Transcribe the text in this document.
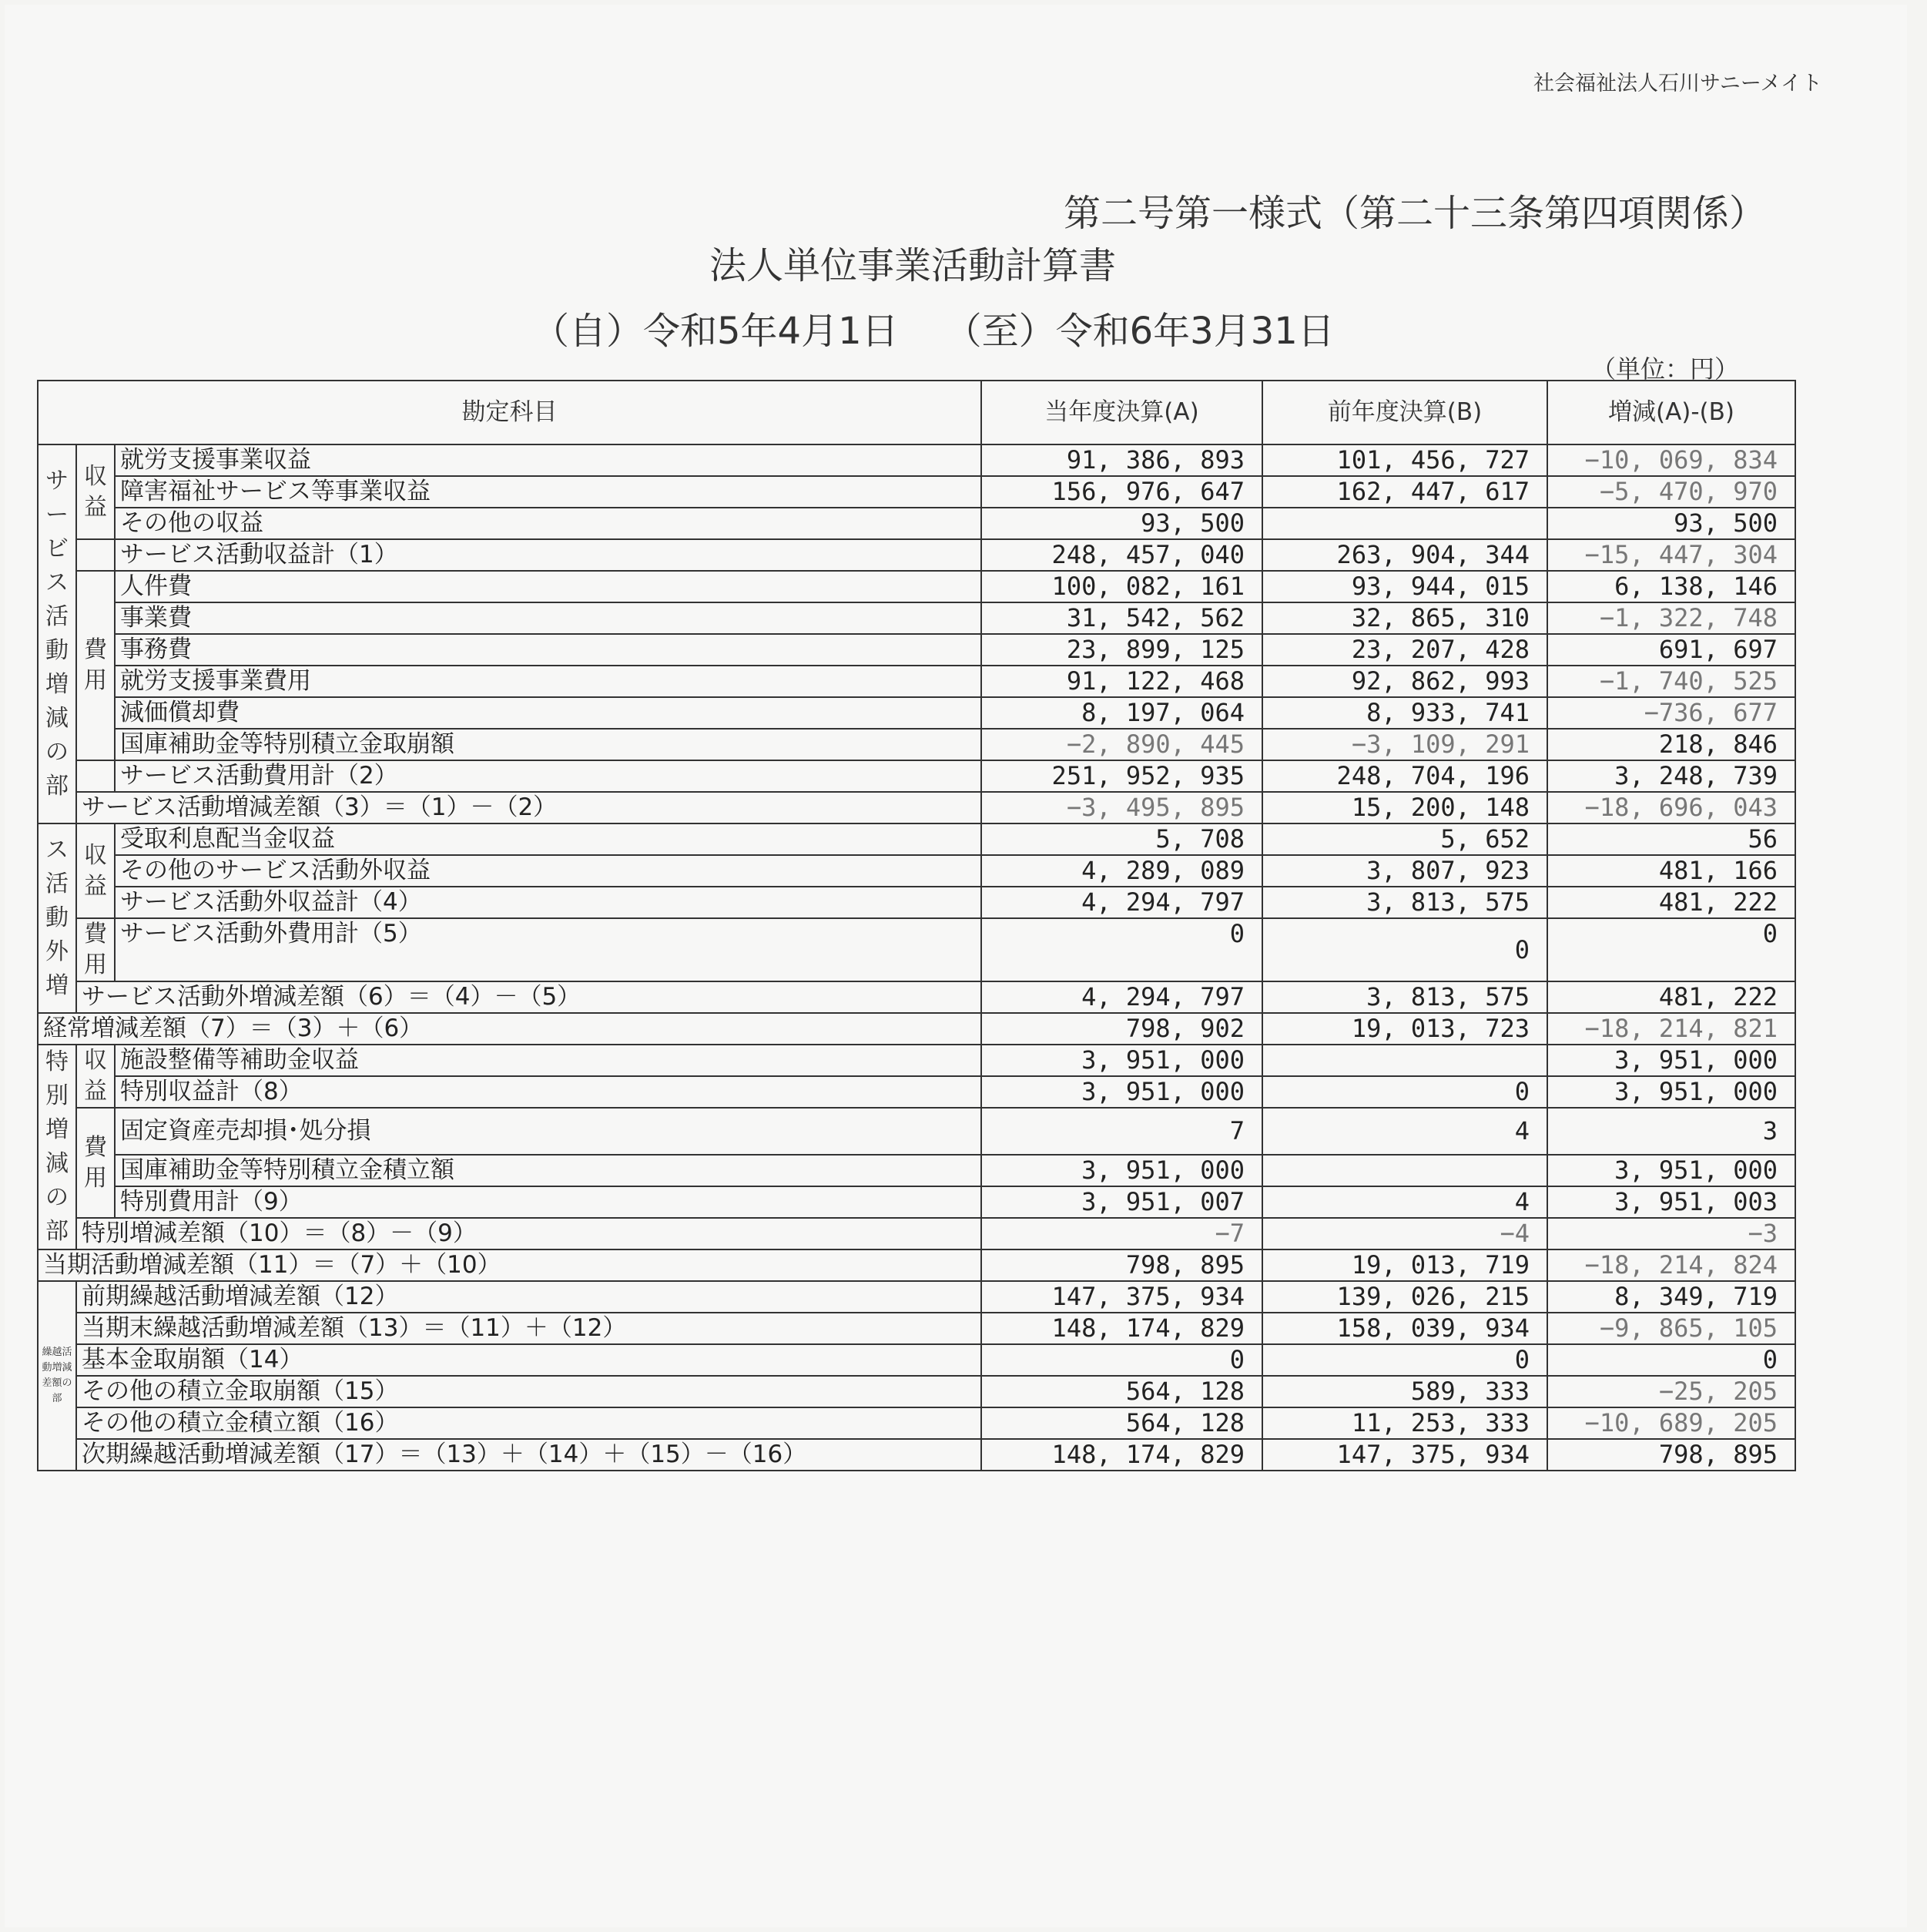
社会福祉法人石川サニーメイト
第二号第一様式（第二十三条第四項関係）
法人単位事業活動計算書
（自）令和5年4月1日 （至）令和6年3月31日
（単位：円）
勘定科目			当年度決算(A)	前年度決算(B)	増減(A)-(B)
サービス活動増減の部	収益	就労支援事業収益	91, 386, 893	101, 456, 727	−10, 069, 834
		障害福祉サービス等事業収益	156, 976, 647	162, 447, 617	−5, 470, 970
		その他の収益	93, 500		93, 500
		サービス活動収益計（1）	248, 457, 040	263, 904, 344	−15, 447, 304
	費用	人件費	100, 082, 161	93, 944, 015	6, 138, 146
		事業費	31, 542, 562	32, 865, 310	−1, 322, 748
		事務費	23, 899, 125	23, 207, 428	691, 697
		就労支援事業費用	91, 122, 468	92, 862, 993	−1, 740, 525
		減価償却費	8, 197, 064	8, 933, 741	−736, 677
		国庫補助金等特別積立金取崩額	−2, 890, 445	−3, 109, 291	218, 846
		サービス活動費用計（2）	251, 952, 935	248, 704, 196	3, 248, 739
	サービス活動増減差額（3）＝（1）－（2）		−3, 495, 895	15, 200, 148	−18, 696, 043
ス活動外増	収益	受取利息配当金収益	5, 708	5, 652	56
		その他のサービス活動外収益	4, 289, 089	3, 807, 923	481, 166
		サービス活動外収益計（4）	4, 294, 797	3, 813, 575	481, 222
	費用	サービス活動外費用計（5）	0	0	0
	サービス活動外増減差額（6）＝（4）－（5）		4, 294, 797	3, 813, 575	481, 222
経常増減差額（7）＝（3）＋（6）			798, 902	19, 013, 723	−18, 214, 821
特別増減の部	収益	施設整備等補助金収益	3, 951, 000		3, 951, 000
		特別収益計（8）	3, 951, 000	0	3, 951, 000
	費用	固定資産売却損･処分損	7	4	3
		国庫補助金等特別積立金積立額	3, 951, 000		3, 951, 000
		特別費用計（9）	3, 951, 007	4	3, 951, 003
	特別増減差額（10）＝（8）－（9）		−7	−4	−3
当期活動増減差額（11）＝（7）＋（10）			798, 895	19, 013, 719	−18, 214, 824
繰越活動増減差額の部	前期繰越活動増減差額（12）		147, 375, 934	139, 026, 215	8, 349, 719
	当期末繰越活動増減差額（13）＝（11）＋（12）		148, 174, 829	158, 039, 934	−9, 865, 105
	基本金取崩額（14）		0	0	0
	その他の積立金取崩額（15）		564, 128	589, 333	−25, 205
	その他の積立金積立額（16）		564, 128	11, 253, 333	−10, 689, 205
	次期繰越活動増減差額（17）＝（13）＋（14）＋（15）－（16）		148, 174, 829	147, 375, 934	798, 895
